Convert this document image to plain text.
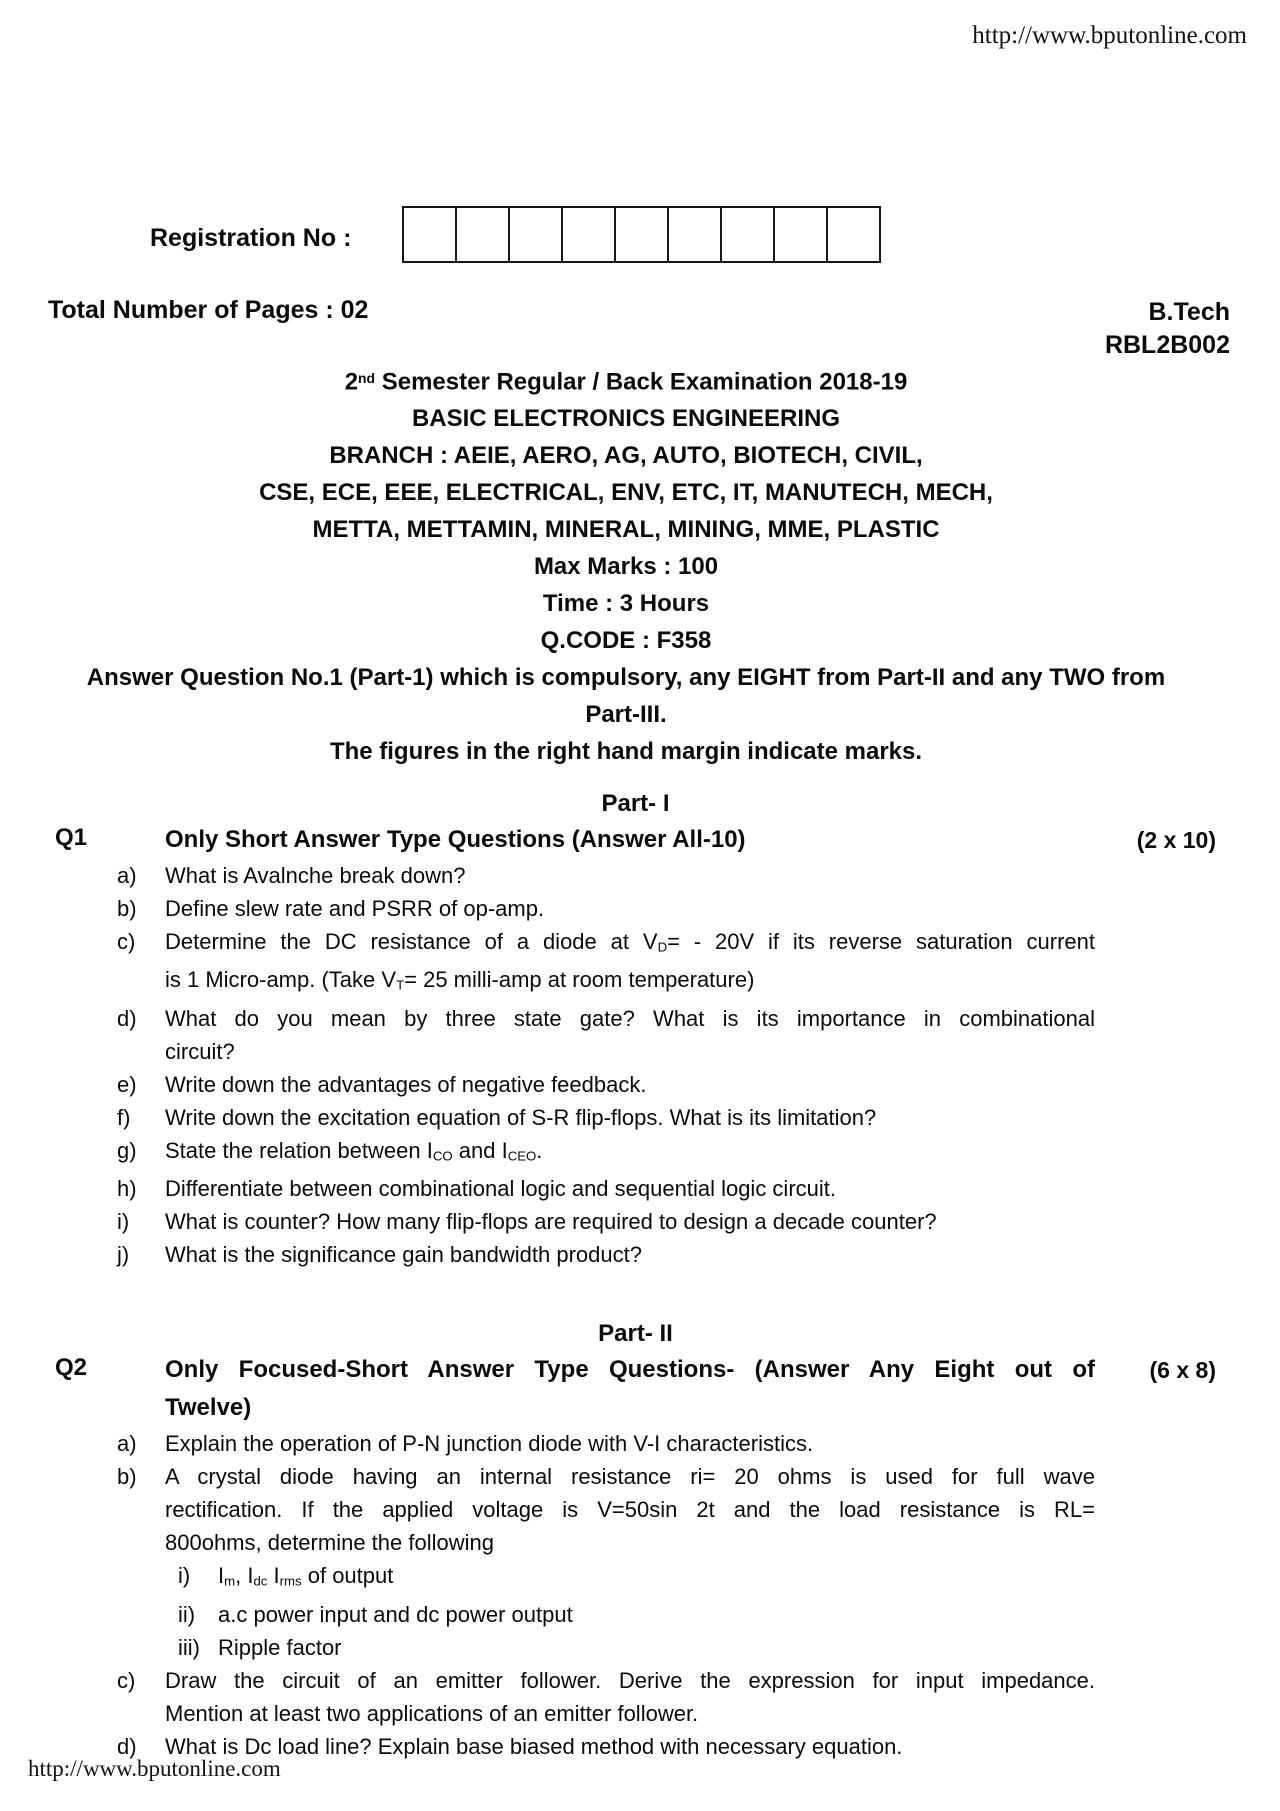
http://www.bputonline.com
Registration No :
Total Number of Pages : 02	B.Tech
RBL2B002
2nd Semester Regular / Back Examination 2018-19
BASIC ELECTRONICS ENGINEERING
BRANCH : AEIE, AERO, AG, AUTO, BIOTECH, CIVIL,
CSE, ECE, EEE, ELECTRICAL, ENV, ETC, IT, MANUTECH, MECH,
METTA, METTAMIN, MINERAL, MINING, MME, PLASTIC
Max Marks : 100
Time : 3 Hours
Q.CODE : F358
Answer Question No.1 (Part-1) which is compulsory, any EIGHT from Part-II and any TWO from
Part-III.
The figures in the right hand margin indicate marks.
Part- I
Q1	Only Short Answer Type Questions (Answer All-10)	(2 x 10)
a)	What is Avalnche break down?
b)	Define slew rate and PSRR of op-amp.
c)	Determine the DC resistance of a diode at $V_D= - 20V$ if its reverse saturation current
is 1 Micro-amp. (Take $V_T= 25$ milli-amp at room temperature)
d)	What do you mean by three state gate? What is its importance in combinational
circuit?
e)	Write down the advantages of negative feedback.
f)	Write down the excitation equation of S-R flip-flops. What is its limitation?
g)	State the relation between $I_{CO}$ and $I_{CEO}$.
h)	Differentiate between combinational logic and sequential logic circuit.
i)	What is counter? How many flip-flops are required to design a decade counter?
j)	What is the significance gain bandwidth product?
Part- II
Q2	Only Focused-Short Answer Type Questions- (Answer Any Eight out of
Twelve)
(6 x 8)
a)	Explain the operation of P-N junction diode with V-I characteristics.
b)	A crystal diode having an internal resistance ri= 20 ohms is used for full wave
rectification. If the applied voltage is V=50sin 2t and the load resistance is RL=
800ohms, determine the following
i)	$I_m$, $I_{dc}$ $I_{rms}$ of output
ii)	a.c power input and dc power output
iii) Ripple factor
c)	Draw the circuit of an emitter follower. Derive the expression for input impedance.
Mention at least two applications of an emitter follower.
d)	What is Dc load line? Explain base biased method with necessary equation.
http://www.bputonline.com
